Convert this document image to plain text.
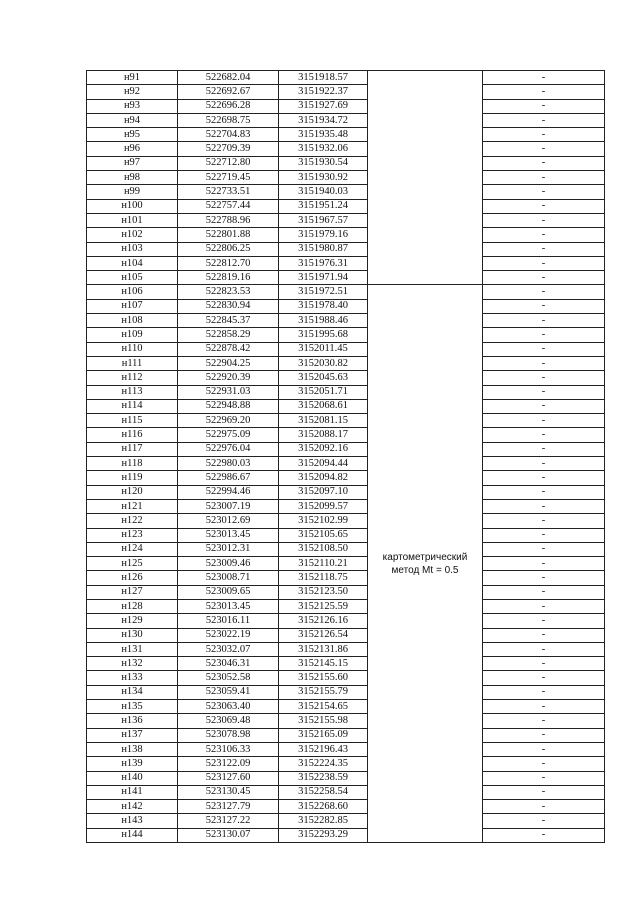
н91	522682.04	3151918.57		-
н92	522692.67	3151922.37		-
н93	522696.28	3151927.69		-
н94	522698.75	3151934.72		-
н95	522704.83	3151935.48		-
н96	522709.39	3151932.06		-
н97	522712.80	3151930.54		-
н98	522719.45	3151930.92		-
н99	522733.51	3151940.03		-
н100	522757.44	3151951.24		-
н101	522788.96	3151967.57		-
н102	522801.88	3151979.16		-
н103	522806.25	3151980.87		-
н104	522812.70	3151976.31		-
н105	522819.16	3151971.94		-
н106	522823.53	3151972.51	картометрический метод Mt = 0.5	-
н107	522830.94	3151978.40		-
н108	522845.37	3151988.46		-
н109	522858.29	3151995.68		-
н110	522878.42	3152011.45		-
н111	522904.25	3152030.82		-
н112	522920.39	3152045.63		-
н113	522931.03	3152051.71		-
н114	522948.88	3152068.61		-
н115	522969.20	3152081.15		-
н116	522975.09	3152088.17		-
н117	522976.04	3152092.16		-
н118	522980.03	3152094.44		-
н119	522986.67	3152094.82		-
н120	522994.46	3152097.10		-
н121	523007.19	3152099.57		-
н122	523012.69	3152102.99		-
н123	523013.45	3152105.65		-
н124	523012.31	3152108.50		-
н125	523009.46	3152110.21		-
н126	523008.71	3152118.75		-
н127	523009.65	3152123.50		-
н128	523013.45	3152125.59		-
н129	523016.11	3152126.16		-
н130	523022.19	3152126.54		-
н131	523032.07	3152131.86		-
н132	523046.31	3152145.15		-
н133	523052.58	3152155.60		-
н134	523059.41	3152155.79		-
н135	523063.40	3152154.65		-
н136	523069.48	3152155.98		-
н137	523078.98	3152165.09		-
н138	523106.33	3152196.43		-
н139	523122.09	3152224.35		-
н140	523127.60	3152238.59		-
н141	523130.45	3152258.54		-
н142	523127.79	3152268.60		-
н143	523127.22	3152282.85		-
н144	523130.07	3152293.29		-
